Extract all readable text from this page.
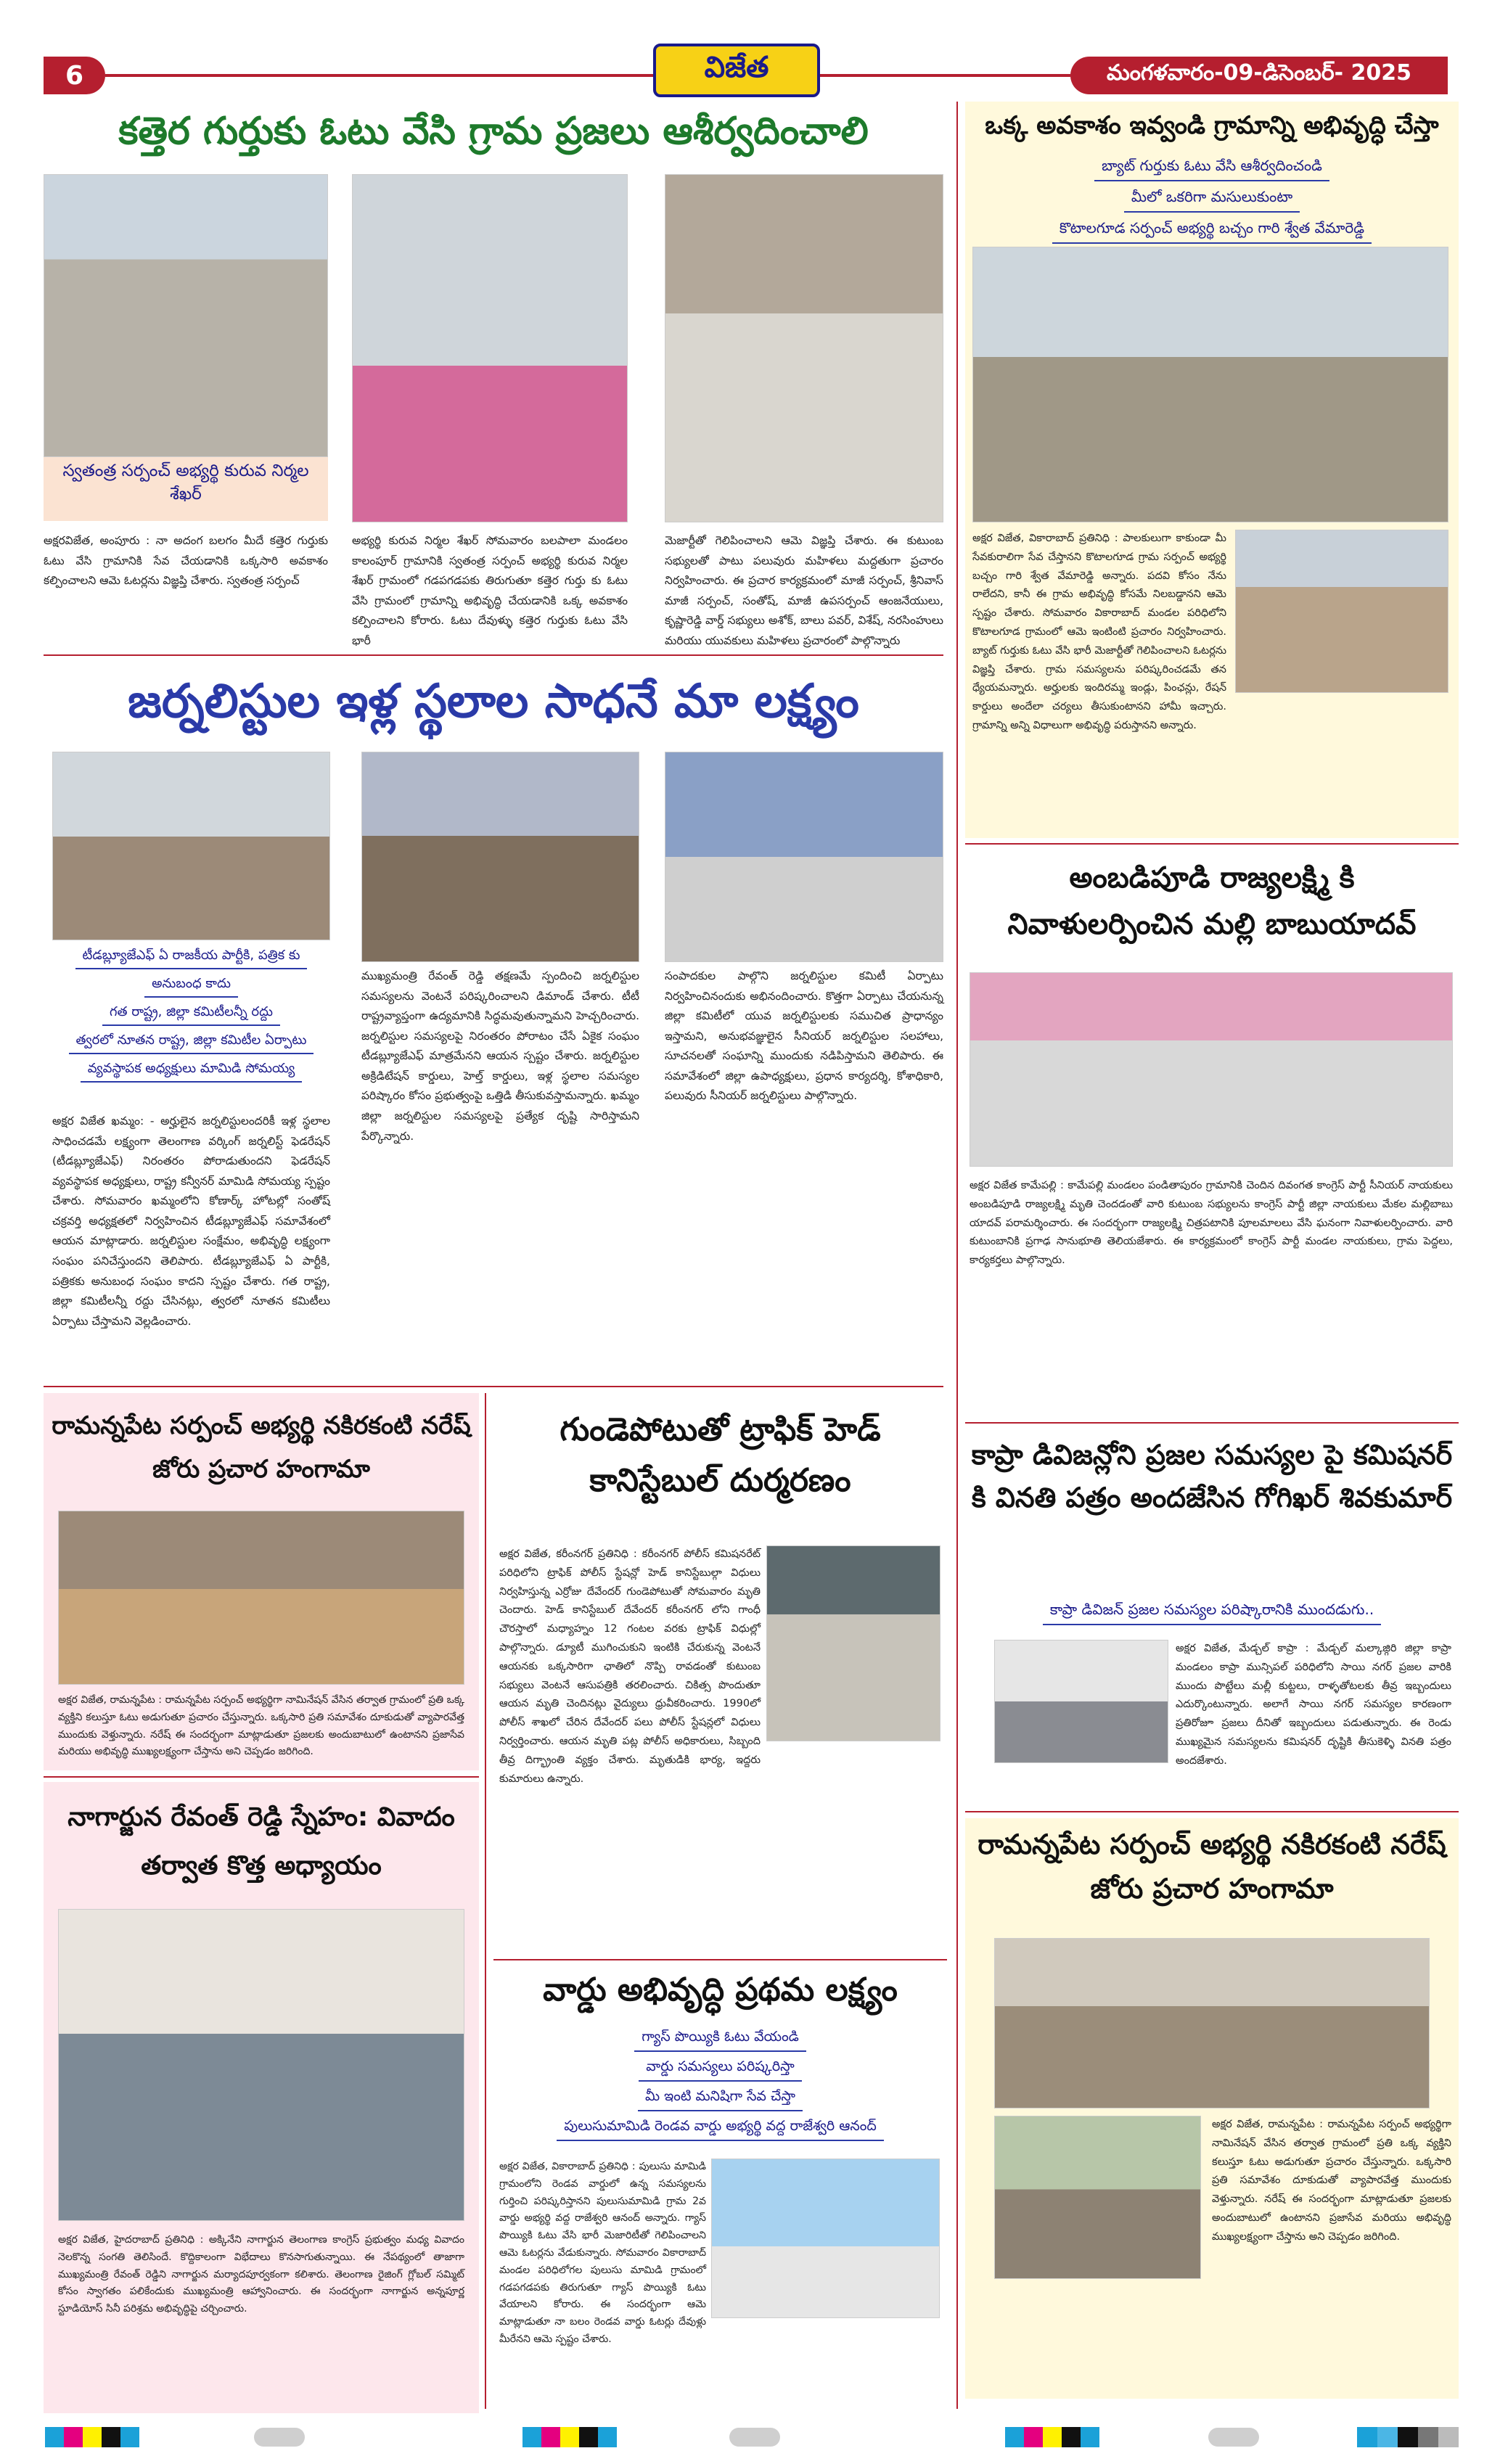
6	విజేత	మంగళవారం-09-డిసెంబర్- 2025
కత్తెర గుర్తుకు ఓటు వేసి గ్రామ ప్రజలు ఆశీర్వదించాలి
స్వతంత్ర సర్పంచ్ అభ్యర్థి కురువ నిర్మల శేఖర్
అక్షరవిజేత, అంపూరు : నా అదంగ బలగం మీదే కత్తెర గుర్తుకు ఓటు వేసి గ్రామానికి సేవ చేయడానికి ఒక్కసారి అవకాశం కల్పించాలని ఆమె ఓటర్లను విజ్ఞప్తి చేశారు. స్వతంత్ర సర్పంచ్
అభ్యర్థి కురువ నిర్మల శేఖర్ సోమవారం బలపాలా మండలం కాలంపూర్ గ్రామానికి స్వతంత్ర సర్పంచ్ అభ్యర్థి కురువ నిర్మల శేఖర్ గ్రామంలో గడపగడపకు తిరుగుతూ కత్తెర గుర్తు కు ఓటు వేసి గ్రామంలో గ్రామాన్ని అభివృద్ధి చేయడానికి ఒక్క అవకాశం కల్పించాలని కోరారు. ఓటు దేవుళ్ళు కత్తెర గుర్తుకు ఓటు వేసి భారీ
మెజార్టీతో గెలిపించాలని ఆమె విజ్ఞప్తి చేశారు. ఈ కుటుంబ సభ్యులతో పాటు పలువురు మహిళలు మద్దతుగా ప్రచారం నిర్వహించారు. ఈ ప్రచార కార్యక్రమంలో మాజీ సర్పంచ్, శ్రీనివాస్ మాజీ సర్పంచ్, సంతోష్, మాజీ ఉపసర్పంచ్ ఆంజనేయులు, కృష్ణారెడ్డి వార్డ్ సభ్యులు అశోక్, బాలు పవర్, విశేష్, నరసింహులు మరియు యువకులు మహిళలు ప్రచారంలో పాల్గొన్నారు
జర్నలిస్టుల ఇళ్ల స్థలాల సాధనే మా లక్ష్యం
టీడబ్ల్యూజేఎఫ్ ఏ రాజకీయ పార్టీకి, పత్రిక కు
అనుబంధ కాదు
గత రాష్ట్ర, జిల్లా కమిటీలన్నీ రద్దు
త్వరలో నూతన రాష్ట్ర, జిల్లా కమిటీల ఏర్పాటు
వ్యవస్థాపక అధ్యక్షులు మామిడి సోమయ్య
అక్షర విజేత ఖమ్మం: - అర్హులైన జర్నలిస్టులందరికీ ఇళ్ల స్థలాల సాధించడమే లక్ష్యంగా తెలంగాణ వర్కింగ్ జర్నలిస్ట్ ఫెడరేషన్ (టీడబ్ల్యూజేఎఫ్) నిరంతరం పోరాడుతుందని ఫెడరేషన్ వ్యవస్థాపక అధ్యక్షులు, రాష్ట్ర కన్వీనర్ మామిడి సోమయ్య స్పష్టం చేశారు. సోమవారం ఖమ్మంలోని కోణార్క్ హోటల్లో సంతోష్ చక్రవర్తి అధ్యక్షతలో నిర్వహించిన టీడబ్ల్యూజేఎఫ్ సమావేశంలో ఆయన మాట్లాడారు. జర్నలిస్టుల సంక్షేమం, అభివృద్ధి లక్ష్యంగా సంఘం పనిచేస్తుందని తెలిపారు. టీడబ్ల్యూజేఎఫ్ ఏ పార్టీకి, పత్రికకు అనుబంధ సంఘం కాదని స్పష్టం చేశారు. గత రాష్ట్ర, జిల్లా కమిటీలన్నీ రద్దు చేసినట్లు, త్వరలో నూతన కమిటీలు ఏర్పాటు చేస్తామని వెల్లడించారు.
ముఖ్యమంత్రి రేవంత్ రెడ్డి తక్షణమే స్పందించి జర్నలిస్టుల సమస్యలను వెంటనే పరిష్కరించాలని డిమాండ్ చేశారు. టీటీ రాష్ట్రవ్యాప్తంగా ఉద్యమానికి సిద్ధమవుతున్నామని హెచ్చరించారు. జర్నలిస్టుల సమస్యలపై నిరంతరం పోరాటం చేసే ఏకైక సంఘం టీడబ్ల్యూజేఎఫ్ మాత్రమేనని ఆయన స్పష్టం చేశారు. జర్నలిస్టుల అక్రిడిటేషన్ కార్డులు, హెల్త్ కార్డులు, ఇళ్ల స్థలాల సమస్యల పరిష్కారం కోసం ప్రభుత్వంపై ఒత్తిడి తీసుకువస్తామన్నారు. ఖమ్మం జిల్లా జర్నలిస్టుల సమస్యలపై ప్రత్యేక దృష్టి సారిస్తామని పేర్కొన్నారు.
సంపాదకుల పాల్గొని జర్నలిస్టుల కమిటీ ఏర్పాటు నిర్వహించినందుకు అభినందించారు. కొత్తగా ఏర్పాటు చేయనున్న జిల్లా కమిటీలో యువ జర్నలిస్టులకు సముచిత ప్రాధాన్యం ఇస్తామని, అనుభవజ్ఞులైన సీనియర్ జర్నలిస్టుల సలహాలు, సూచనలతో సంఘాన్ని ముందుకు నడిపిస్తామని తెలిపారు. ఈ సమావేశంలో జిల్లా ఉపాధ్యక్షులు, ప్రధాన కార్యదర్శి, కోశాధికారి, పలువురు సీనియర్ జర్నలిస్టులు పాల్గొన్నారు.
ఒక్క అవకాశం ఇవ్వండి గ్రామాన్ని అభివృద్ధి చేస్తా
బ్యాట్ గుర్తుకు ఓటు వేసి ఆశీర్వదించండి
మీలో ఒకరిగా మసులుకుంటా
కొటాలగూడ సర్పంచ్ అభ్యర్థి బచ్చం గారి శ్వేత వేమారెడ్డి
అక్షర విజేత, వికారాబాద్ ప్రతినిధి : పాలకులుగా కాకుండా మీ సేవకురాలిగా సేవ చేస్తానని కొటాలగూడ గ్రామ సర్పంచ్ అభ్యర్థి బచ్చం గారి శ్వేత వేమారెడ్డి అన్నారు. పదవి కోసం నేను రాలేదని, కానీ ఈ గ్రామ అభివృద్ధి కోసమే నిలబడ్డానని ఆమె స్పష్టం చేశారు. సోమవారం వికారాబాద్ మండల పరిధిలోని కొటాలగూడ గ్రామంలో ఆమె ఇంటింటి ప్రచారం నిర్వహించారు. బ్యాట్ గుర్తుకు ఓటు వేసి భారీ మెజార్టీతో గెలిపించాలని ఓటర్లను విజ్ఞప్తి చేశారు. గ్రామ సమస్యలను పరిష్కరించడమే తన ధ్యేయమన్నారు. అర్హులకు ఇందిరమ్మ ఇండ్లు, పింఛన్లు, రేషన్ కార్డులు అందేలా చర్యలు తీసుకుంటానని హామీ ఇచ్చారు. గ్రామాన్ని అన్ని విధాలుగా అభివృద్ధి పరుస్తానని అన్నారు.
అంబడిపూడి రాజ్యలక్ష్మి కి నివాళులర్పించిన మల్లి బాబుయాదవ్
అక్షర విజేత కామేపల్లి : కామేపల్లి మండలం పండితాపురం గ్రామానికి చెందిన దివంగత కాంగ్రెస్ పార్టీ సీనియర్ నాయకులు అంబడిపూడి రాజ్యలక్ష్మి మృతి చెందడంతో వారి కుటుంబ సభ్యులను కాంగ్రెస్ పార్టీ జిల్లా నాయకులు మేకల మల్లిబాబు యాదవ్ పరామర్శించారు. ఈ సందర్భంగా రాజ్యలక్ష్మి చిత్రపటానికి పూలమాలలు వేసి ఘనంగా నివాళులర్పించారు. వారి కుటుంబానికి ప్రగాఢ సానుభూతి తెలియజేశారు. ఈ కార్యక్రమంలో కాంగ్రెస్ పార్టీ మండల నాయకులు, గ్రామ పెద్దలు, కార్యకర్తలు పాల్గొన్నారు.
కాప్రా డివిజన్లోని ప్రజల సమస్యల పై కమిషనర్ కి వినతి పత్రం అందజేసిన గోగిఖర్ శివకుమార్
కాప్రా డివిజన్ ప్రజల సమస్యల పరిష్కారానికి ముందడుగు..
అక్షర విజేత, మేడ్చల్ కాప్రా : మేడ్చల్ మల్కాజ్గిరి జిల్లా కాప్రా మండలం కాప్రా మున్సిపల్ పరిధిలోని సాయి నగర్ ప్రజల వారికి ముందు పొట్టేలు మల్లీ కుట్టలు, రాళ్ళతోటలకు తీవ్ర ఇబ్బందులు ఎదుర్కొంటున్నారు. అలాగే సాయి నగర్ సమస్యల కారణంగా ప్రతిరోజూ ప్రజలు దీనితో ఇబ్బందులు పడుతున్నారు. ఈ రెండు ముఖ్యమైన సమస్యలను కమిషనర్ దృష్టికి తీసుకెళ్ళి వినతి పత్రం అందజేశారు.
రామన్నపేట సర్పంచ్ అభ్యర్థి నకిరకంటి నరేష్ జోరు ప్రచార హంగామా
అక్షర విజేత, రామన్నపేట : రామన్నపేట సర్పంచ్ అభ్యర్థిగా నామినేషన్ వేసిన తర్వాత గ్రామంలో ప్రతి ఒక్క వ్యక్తిని కలుస్తూ ఓటు అడుగుతూ ప్రచారం చేస్తున్నారు. ఒక్కసారి ప్రతి సమావేశం దూకుడుతో వ్యాపారవేత్త ముందుకు వెళ్తున్నారు. నరేష్ ఈ సందర్భంగా మాట్లాడుతూ ప్రజలకు అందుబాటులో ఉంటానని ప్రజాసేవ మరియు అభివృద్ధి ముఖ్యలక్ష్యంగా చేస్తాను అని చెప్పడం జరిగింది.
రామన్నపేట సర్పంచ్ అభ్యర్థి నకిరకంటి నరేష్ జోరు ప్రచార హంగామా
అక్షర విజేత, రామన్నపేట : రామన్నపేట సర్పంచ్ అభ్యర్థిగా నామినేషన్ వేసిన తర్వాత గ్రామంలో ప్రతి ఒక్క వ్యక్తిని కలుస్తూ ఓటు అడుగుతూ ప్రచారం చేస్తున్నారు. ఒక్కసారి ప్రతి సమావేశం దూకుడుతో వ్యాపారవేత్త ముందుకు వెళ్తున్నారు. నరేష్ ఈ సందర్భంగా మాట్లాడుతూ ప్రజలకు అందుబాటులో ఉంటానని ప్రజాసేవ మరియు అభివృద్ధి ముఖ్యలక్ష్యంగా చేస్తాను అని చెప్పడం జరిగింది.
నాగార్జున రేవంత్ రెడ్డి స్నేహం: వివాదం తర్వాత కొత్త అధ్యాయం
అక్షర విజేత, హైదరాబాద్ ప్రతినిధి : అక్కినేని నాగార్జున తెలంగాణ కాంగ్రెస్ ప్రభుత్వం మధ్య వివాదం నెలకొన్న సంగతి తెలిసిందే. కొద్దికాలంగా విభేదాలు కొనసాగుతున్నాయి. ఈ నేపథ్యంలో తాజాగా ముఖ్యమంత్రి రేవంత్ రెడ్డిని నాగార్జున మర్యాదపూర్వకంగా కలిశారు. తెలంగాణ రైజింగ్ గ్లోబల్ సమ్మిట్ కోసం స్వాగతం పలికేందుకు ముఖ్యమంత్రి ఆహ్వానించారు. ఈ సందర్భంగా నాగార్జున అన్నపూర్ణ స్టూడియోస్ సినీ పరిశ్రమ అభివృద్ధిపై చర్చించారు.
గుండెపోటుతో ట్రాఫిక్ హెడ్ కానిస్టేబుల్ దుర్మరణం
అక్షర విజేత, కరీంనగర్ ప్రతినిధి : కరీంనగర్ పోలీస్ కమిషనరేట్ పరిధిలోని ట్రాఫిక్ పోలీస్ స్టేషన్లో హెడ్ కానిస్టేబుల్గా విధులు నిర్వహిస్తున్న ఎర్రోజు దేవేందర్ గుండెపోటుతో సోమవారం మృతి చెందారు. హెడ్ కానిస్టేబుల్ దేవేందర్ కరీంనగర్ లోని గాంధీ చౌరస్తాలో మధ్యాహ్నం 12 గంటల వరకు ట్రాఫిక్ విధుల్లో పాల్గొన్నారు. డ్యూటీ ముగించుకుని ఇంటికి చేరుకున్న వెంటనే ఆయనకు ఒక్కసారిగా ఛాతిలో నొప్పి రావడంతో కుటుంబ సభ్యులు వెంటనే ఆసుపత్రికి తరలించారు. చికిత్స పొందుతూ ఆయన మృతి చెందినట్లు వైద్యులు ధ్రువీకరించారు. 1990లో పోలీస్ శాఖలో చేరిన దేవేందర్ పలు పోలీస్ స్టేషన్లలో విధులు నిర్వర్తించారు. ఆయన మృతి పట్ల పోలీస్ అధికారులు, సిబ్బంది తీవ్ర దిగ్భ్రాంతి వ్యక్తం చేశారు. మృతుడికి భార్య, ఇద్దరు కుమారులు ఉన్నారు.
వార్డు అభివృద్ధి ప్రథమ లక్ష్యం
గ్యాస్ పొయ్యికి ఓటు వేయండి
వార్డు సమస్యలు పరిష్కరిస్తా
మీ ఇంటి మనిషిగా సేవ చేస్తా
పులుసుమామిడి రెండవ వార్డు అభ్యర్థి వద్ద రాజేశ్వరి ఆనంద్
అక్షర విజేత, వికారాబాద్ ప్రతినిధి : పులుసు మామిడి గ్రామంలోని రెండవ వార్డులో ఉన్న సమస్యలను గుర్తించి పరిష్కరిస్తానని పులుసుమామిడి గ్రామ 2వ వార్డు అభ్యర్థి వద్ద రాజేశ్వరి ఆనంద్ అన్నారు. గ్యాస్ పొయ్యికి ఓటు వేసి భారీ మెజారిటీతో గెలిపించాలని ఆమె ఓటర్లను వేడుకున్నారు. సోమవారం వికారాబాద్ మండల పరిధిలోగల పులుసు మామిడి గ్రామంలో గడపగడపకు తిరుగుతూ గ్యాస్ పొయ్యికి ఓటు వేయాలని కోరారు. ఈ సందర్భంగా ఆమె మాట్లాడుతూ నా బలం రెండవ వార్డు ఓటర్లు దేవుళ్లు మీరేనని ఆమె స్పష్టం చేశారు.
